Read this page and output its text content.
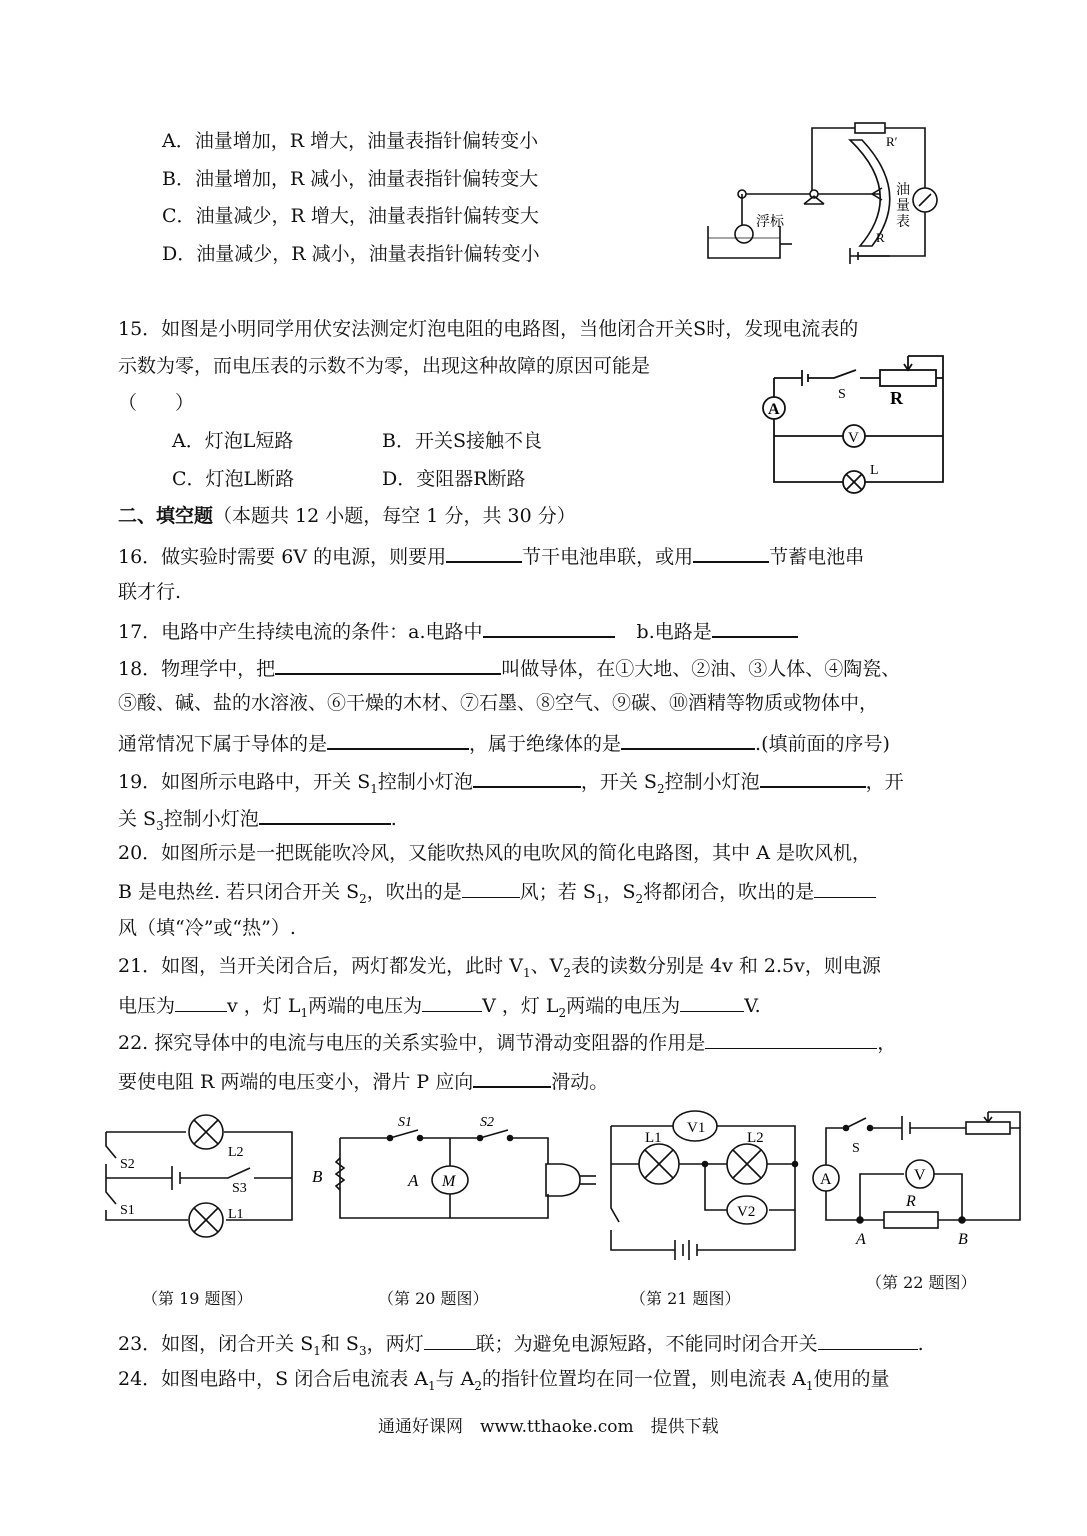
A．油量增加，R 增大，油量表指针偏转变小
B．油量增加，R 减小，油量表指针偏转变大
C．油量减少，R 增大，油量表指针偏转变大
D．油量减少，R 减小，油量表指针偏转变小
R′
浮标
R
油
量
表
15．如图是小明同学用伏安法测定灯泡电阻的电路图，当他闭合开关S时，发现电流表的
示数为零，而电压表的示数不为零，出现这种故障的原因可能是
（　　）
A．灯泡L短路	B．开关S接触不良
C．灯泡L断路	D．变阻器R断路
A
S R
V
L
二、填空题（本题共 12 小题，每空 1 分，共 30 分）
16．做实验时需要 6V 的电源，则要用	节干电池串联，或用	节蓄电池串
联才行.
17．电路中产生持续电流的条件：a.电路中	b.电路是
18．物理学中，把	叫做导体，在①大地、②油、③人体、④陶瓷、
⑤酸、碱、盐的水溶液、⑥干燥的木材、⑦石墨、⑧空气、⑨碳、⑩酒精等物质或物体中，
通常情况下属于导体的是	，属于绝缘体的是	.(填前面的序号)
19．如图所示电路中，开关 $S_1$控制小灯泡	，开关 $S_2$控制小灯泡	，开
关 $S_3$控制小灯泡	.
20．如图所示是一把既能吹冷风，又能吹热风的电吹风的简化电路图，其中 A 是吹风机，
B 是电热丝. 若只闭合开关 $S_2$，吹出的是	风；若 $S_1$，$S_2$将都闭合，吹出的是
风（填“冷”或“热”）.
21．如图，当开关闭合后，两灯都发光，此时 $V_1$、$V_2$表的读数分别是 4v 和 2.5v，则电源
电压为	v ，灯 $L_1$两端的电压为	V ，灯 $L_2$两端的电压为	V.
22. 探究导体中的电流与电压的关系实验中，调节滑动变阻器的作用是	，
要使电阻 R 两端的电压变小，滑片 P 应向	滑动。
S2
L2
S3
S1	L1
S1	S2
B	A M
V1
L1	L2
V2
S
A	V
R
A	B
（第 19 题图）	（第 20 题图）	（第 21 题图）
（第 22 题图）
23．如图，闭合开关 $S_1$和 $S_3$，两灯	联；为避免电源短路，不能同时闭合开关	.
24．如图电路中，S 闭合后电流表 $A_1$与 $A_2$的指针位置均在同一位置，则电流表 $A_1$使用的量
通通好课网　www.tthaoke.com　提供下载
